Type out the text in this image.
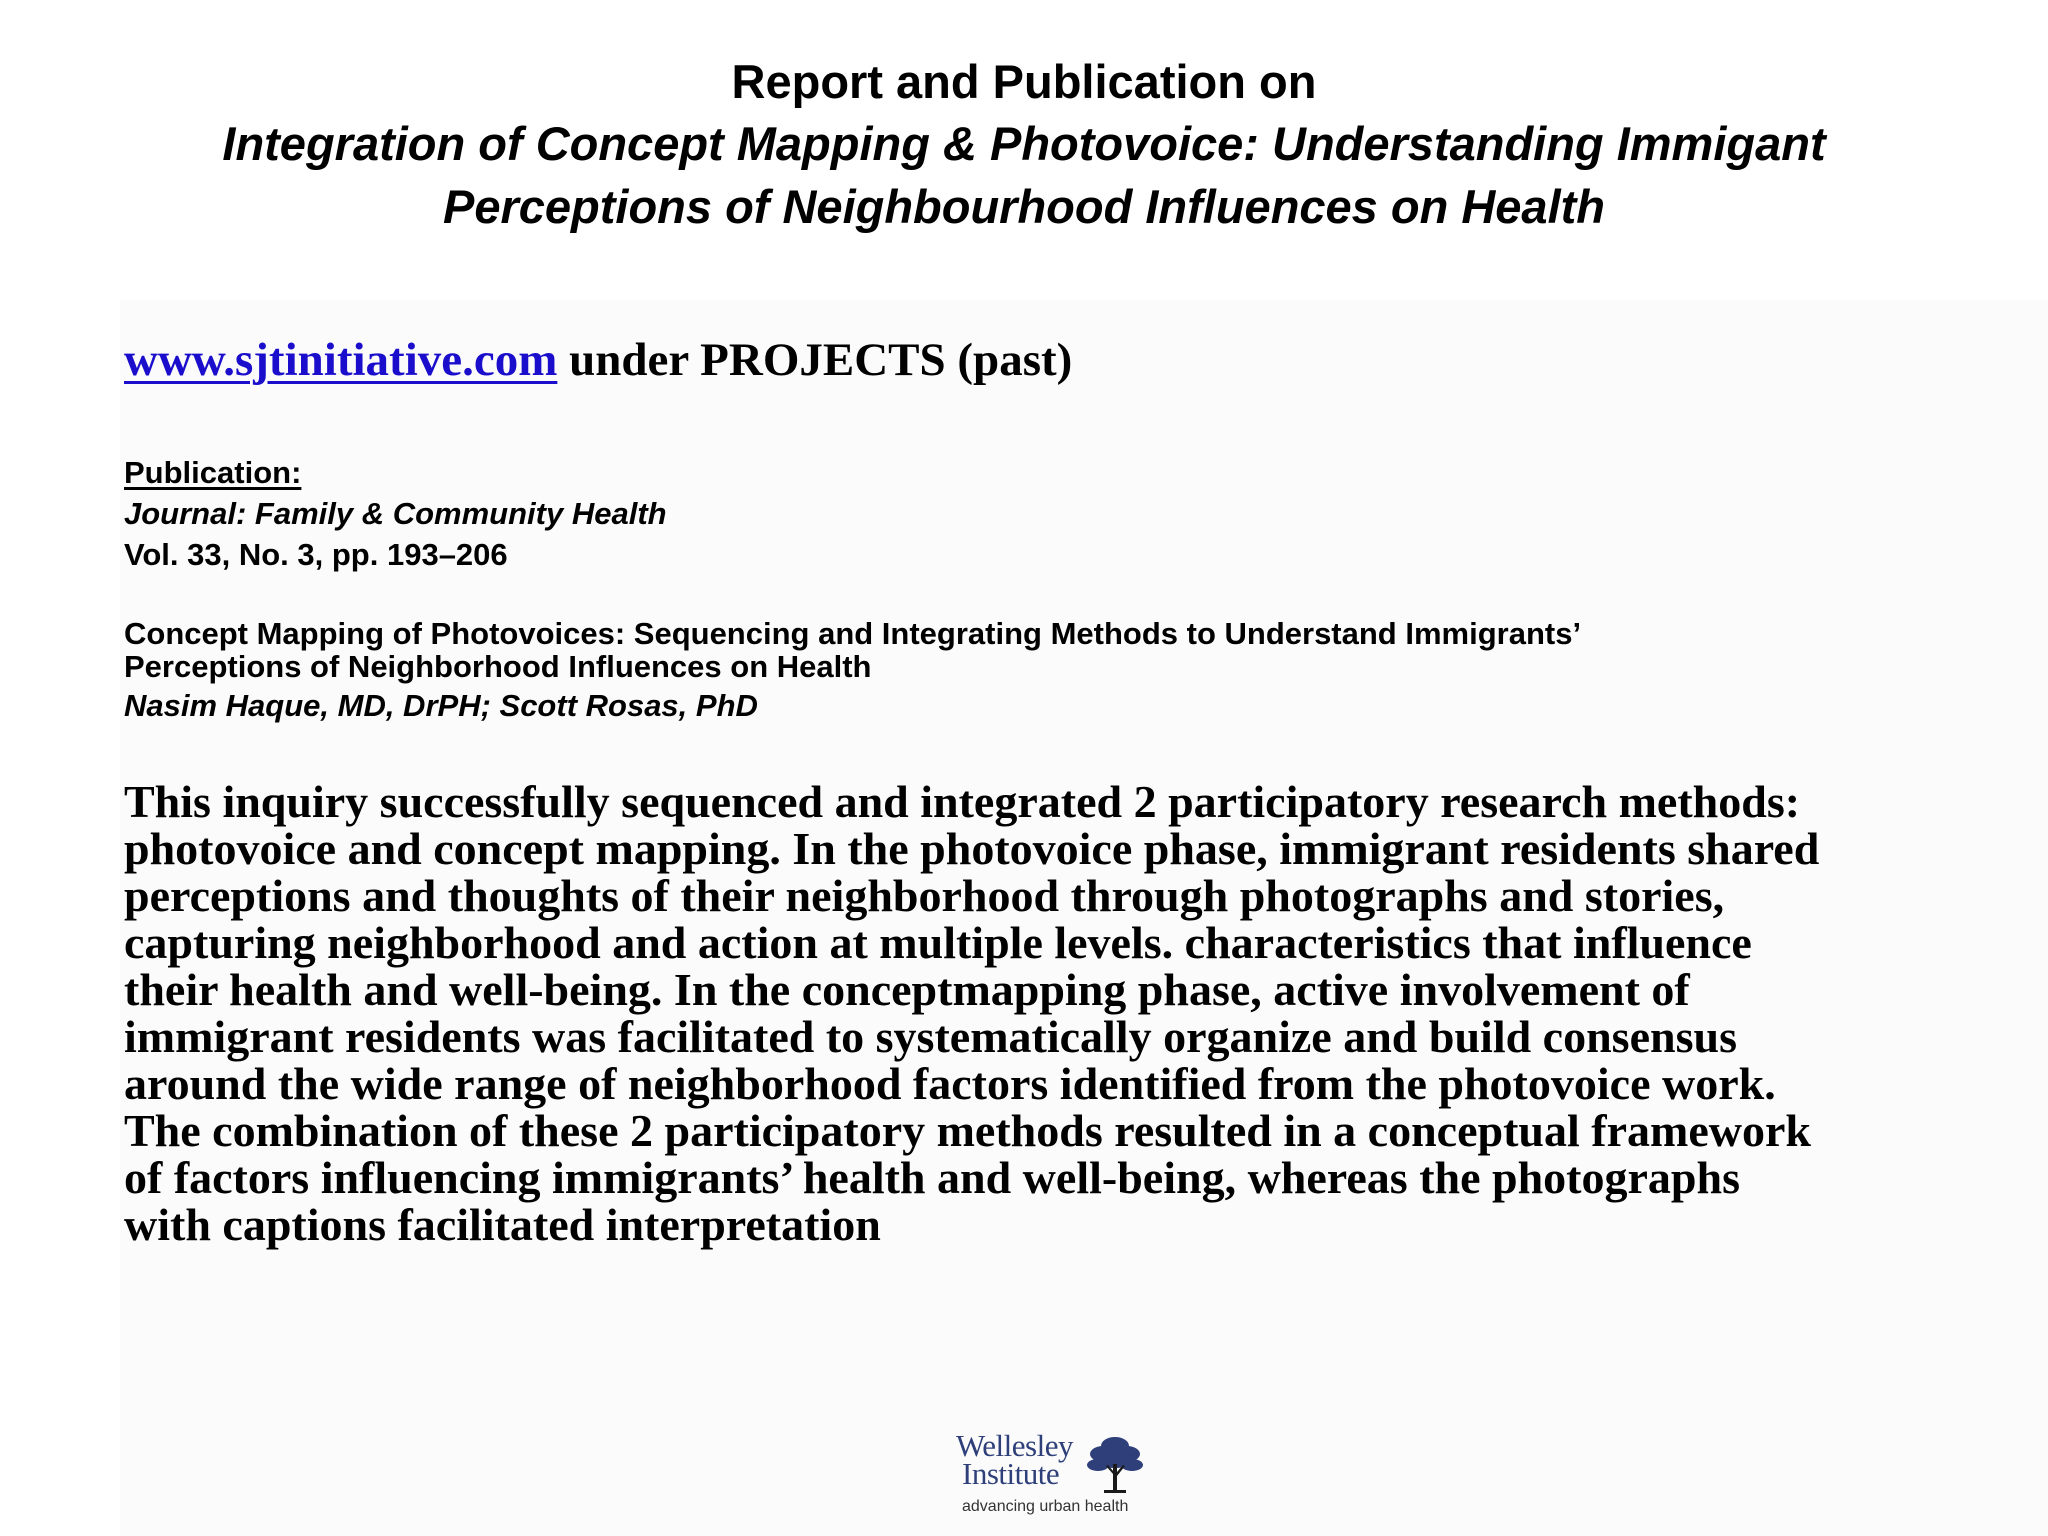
Report and Publication on
Integration of Concept Mapping & Photovoice: Understanding Immigant
Perceptions of Neighbourhood Influences on Health
www.sjtinitiative.com under PROJECTS (past)
Publication:
Journal: Family & Community Health
Vol. 33, No. 3, pp. 193–206
Concept Mapping of Photovoices: Sequencing and Integrating Methods to Understand Immigrants’
Perceptions of Neighborhood Influences on Health
Nasim Haque, MD, DrPH; Scott Rosas, PhD
This inquiry successfully sequenced and integrated 2 participatory research methods:
photovoice and concept mapping. In the photovoice phase, immigrant residents shared
perceptions and thoughts of their neighborhood through photographs and stories,
capturing neighborhood and action at multiple levels. characteristics that influence
their health and well-being. In the conceptmapping phase, active involvement of
immigrant residents was facilitated to systematically organize and build consensus
around the wide range of neighborhood factors identified from the photovoice work.
The combination of these 2 participatory methods resulted in a conceptual framework
of factors influencing immigrants’ health and well-being, whereas the photographs
with captions facilitated interpretation
Wellesley
Institute
advancing urban health
